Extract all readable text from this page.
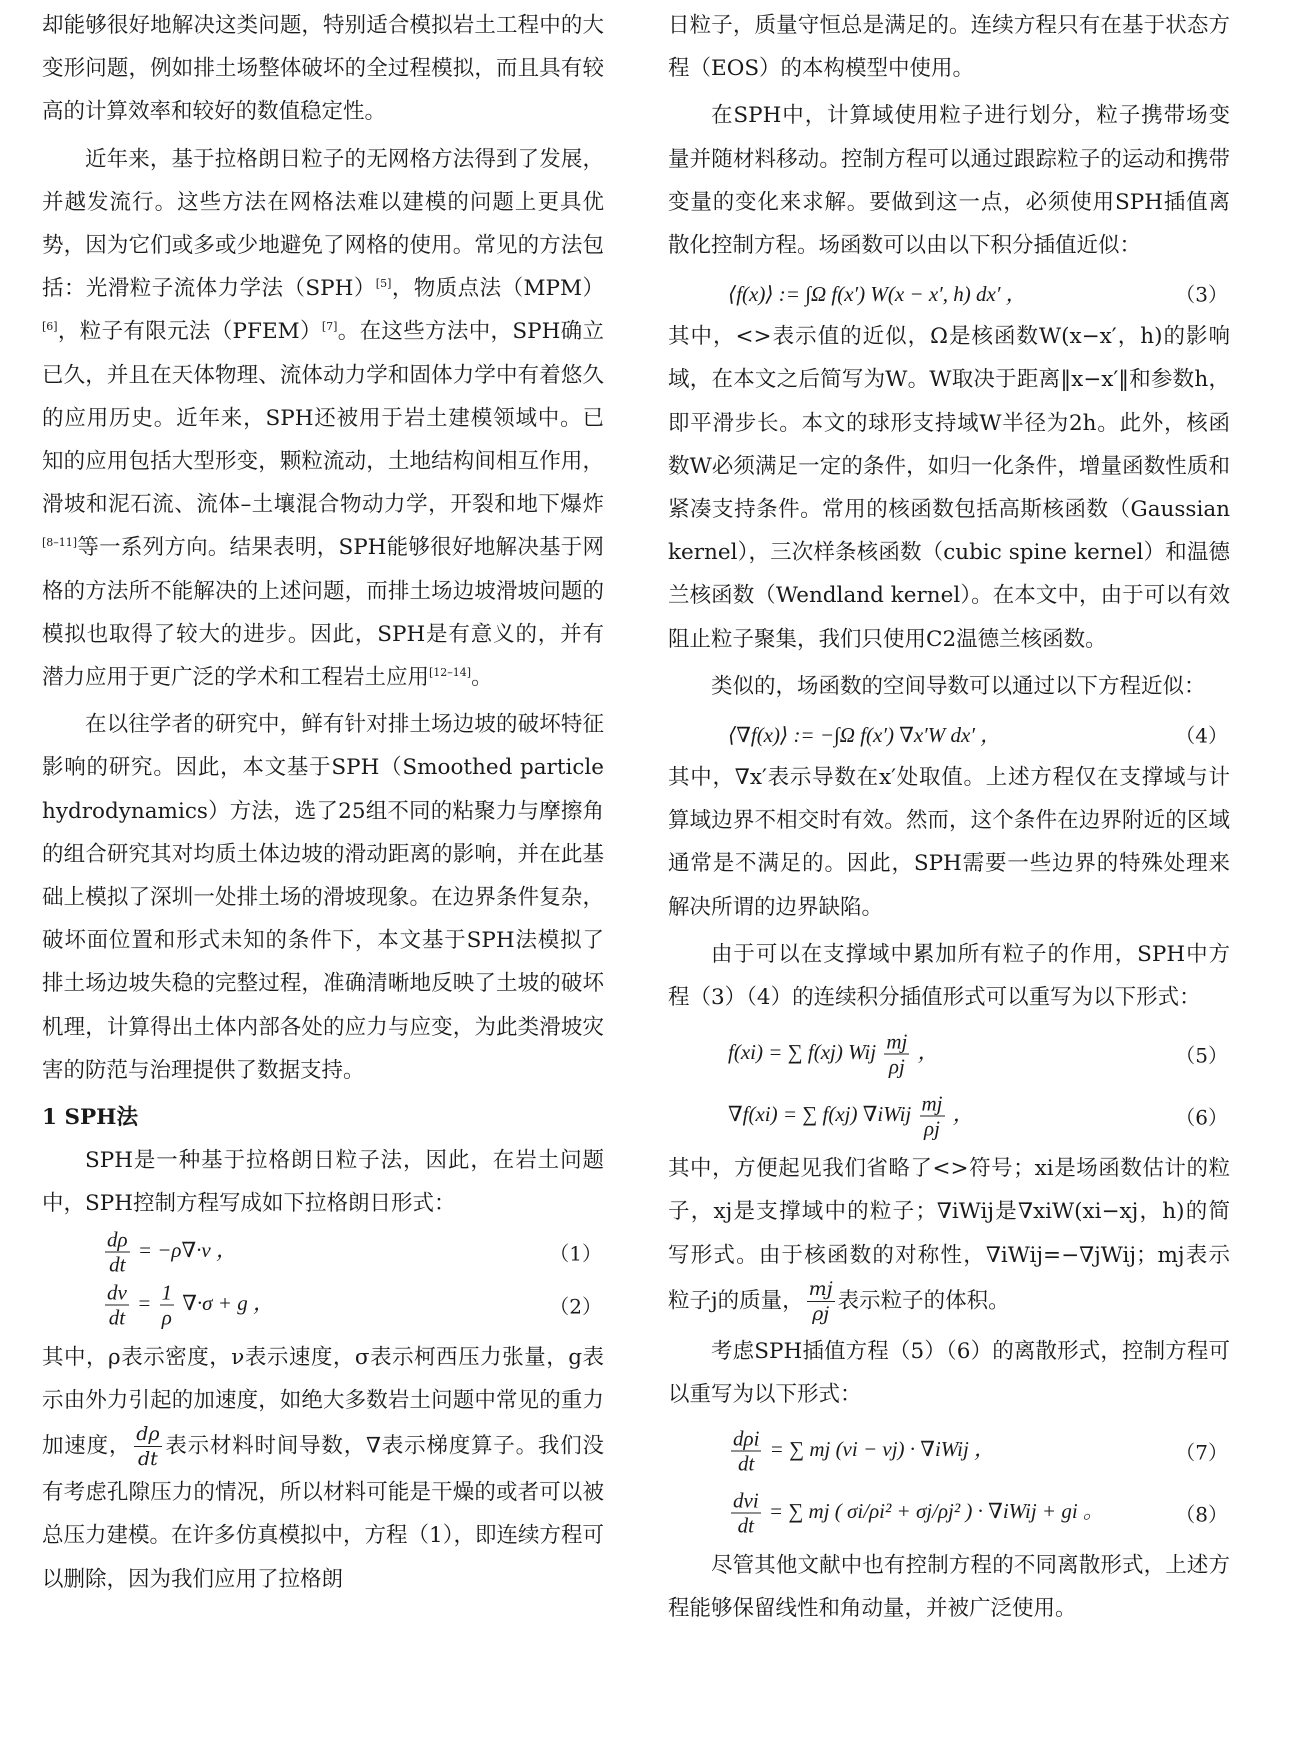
却能够很好地解决这类问题，特别适合模拟岩土工程中的大变形问题，例如排土场整体破坏的全过程模拟，而且具有较高的计算效率和较好的数值稳定性。

近年来，基于拉格朗日粒子的无网格方法得到了发展，并越发流行。这些方法在网格法难以建模的问题上更具优势，因为它们或多或少地避免了网格的使用。常见的方法包括：光滑粒子流体力学法（SPH）[5]，物质点法（MPM）[6]，粒子有限元法（PFEM）[7]。在这些方法中，SPH确立已久，并且在天体物理、流体动力学和固体力学中有着悠久的应用历史。近年来，SPH还被用于岩土建模领域中。已知的应用包括大型形变，颗粒流动，土地结构间相互作用，滑坡和泥石流、流体–土壤混合物动力学，开裂和地下爆炸[8–11]等一系列方向。结果表明，SPH能够很好地解决基于网格的方法所不能解决的上述问题，而排土场边坡滑坡问题的模拟也取得了较大的进步。因此，SPH是有意义的，并有潜力应用于更广泛的学术和工程岩土应用[12–14]。

在以往学者的研究中，鲜有针对排土场边坡的破坏特征影响的研究。因此，本文基于SPH（Smoothed particle hydrodynamics）方法，选了25组不同的粘聚力与摩擦角的组合研究其对均质土体边坡的滑动距离的影响，并在此基础上模拟了深圳一处排土场的滑坡现象。在边界条件复杂，破坏面位置和形式未知的条件下，本文基于SPH法模拟了排土场边坡失稳的完整过程，准确清晰地反映了土坡的破坏机理，计算得出土体内部各处的应力与应变，为此类滑坡灾害的防范与治理提供了数据支持。

1 SPH法

SPH是一种基于拉格朗日粒子法，因此，在岩土问题中，SPH控制方程写成如下拉格朗日形式：

$\frac{d\rho}{dt} = -\rho\nabla\cdot v$ ，	（1）
$\frac{dv}{dt} = \frac{1}{\rho} \nabla\cdot\sigma + g$ ，	（2）

其中，ρ表示密度，ν表示速度，σ表示柯西压力张量，g表示由外力引起的加速度，如绝大多数岩土问题中常见的重力加速度， $\frac{d\rho}{dt}$ 表示材料时间导数，∇表示梯度算子。我们没有考虑孔隙压力的情况，所以材料可能是干燥的或者可以被总压力建模。在许多仿真模拟中，方程（1），即连续方程可以删除，因为我们应用了拉格朗

日粒子，质量守恒总是满足的。连续方程只有在基于状态方程（EOS）的本构模型中使用。

在SPH中，计算域使用粒子进行划分，粒子携带场变量并随材料移动。控制方程可以通过跟踪粒子的运动和携带变量的变化来求解。要做到这一点，必须使用SPH插值离散化控制方程。场函数可以由以下积分插值近似：

⟨f(x)⟩ := ∫Ω f(x′) W(x − x′, h) dx′ ，	（3）

其中，<>表示值的近似，Ω是核函数W(x−x′，h)的影响域，在本文之后简写为W。W取决于距离‖x−x′‖和参数h，即平滑步长。本文的球形支持域W半径为2h。此外，核函数W必须满足一定的条件，如归一化条件，增量函数性质和紧凑支持条件。常用的核函数包括高斯核函数（Gaussian kernel），三次样条核函数（cubic spine kernel）和温德兰核函数（Wendland kernel）。在本文中，由于可以有效阻止粒子聚集，我们只使用C2温德兰核函数。

类似的，场函数的空间导数可以通过以下方程近似：

⟨∇f(x)⟩ := −∫Ω f(x′) ∇x′W dx′ ，	（4）

其中，∇x′表示导数在x′处取值。上述方程仅在支撑域与计算域边界不相交时有效。然而，这个条件在边界附近的区域通常是不满足的。因此，SPH需要一些边界的特殊处理来解决所谓的边界缺陷。

由于可以在支撑域中累加所有粒子的作用，SPH中方程（3）（4）的连续积分插值形式可以重写为以下形式：

f(xi) = ∑ f(xj) Wij $\frac{mj}{\rho j}$ ，	（5）
∇f(xi) = ∑ f(xj) ∇iWij $\frac{mj}{\rho j}$ ，	（6）

其中，方便起见我们省略了<>符号；xi是场函数估计的粒子，xj是支撑域中的粒子；∇iWij是∇xiW(xi−xj，h)的简写形式。由于核函数的对称性，∇iWij=−∇jWij；mj表示粒子j的质量， $\frac{mj}{\rho j}$ 表示粒子的体积。

考虑SPH插值方程（5）（6）的离散形式，控制方程可以重写为以下形式：

$\frac{\text{dρi}}{dt}$ = ∑ mj (vi − vj) · ∇iWij ，	（7）
$\frac{\text{dvi}}{dt}$ = ∑ mj ( σi/ρi² + σj/ρj² ) · ∇iWij + gi 。	（8）

尽管其他文献中也有控制方程的不同离散形式，上述方程能够保留线性和角动量，并被广泛使用。
